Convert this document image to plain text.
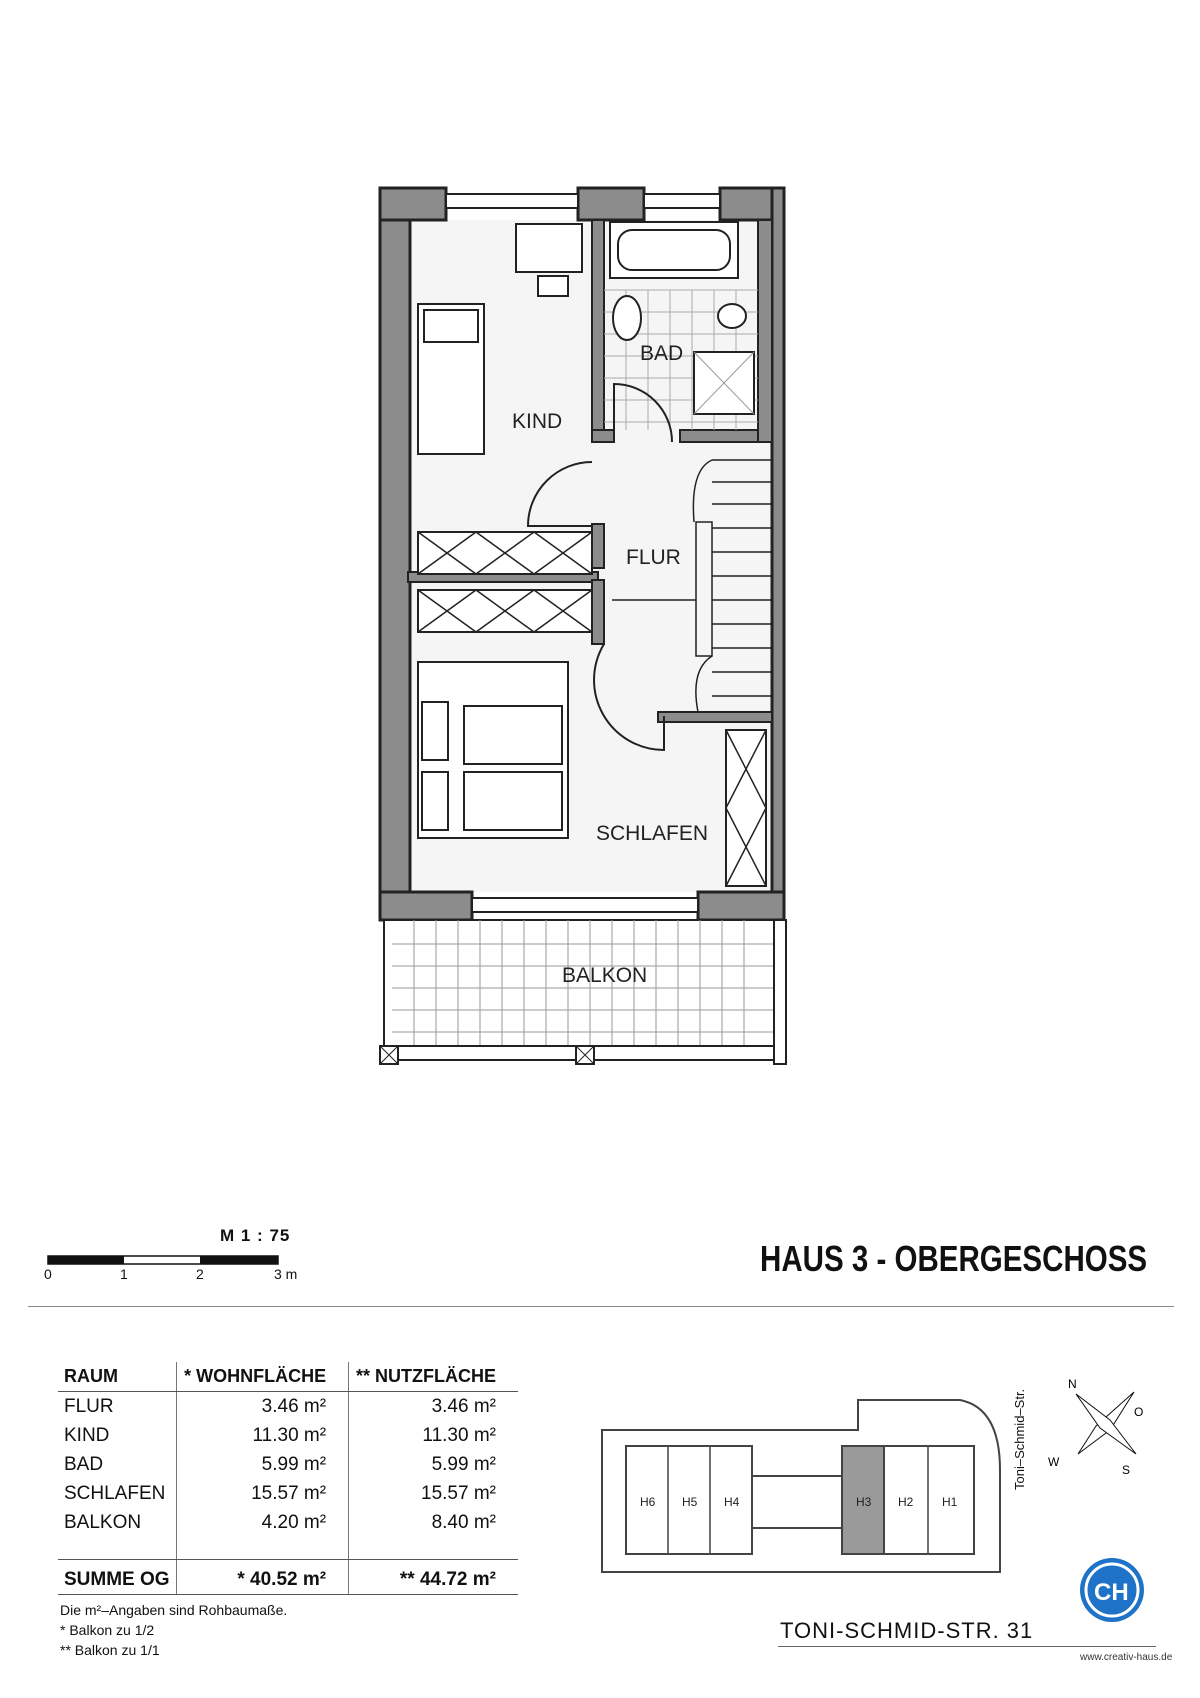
KIND
BAD
FLUR
SCHLAFEN
BALKON
H6 H5 H4	H3 H2 H1
N
O
S
W
CH
M 1 : 75
0	1	2	3 m	HAUS 3 - OBERGESCHOSS
RAUM	* WOHNFLÄCHE	** NUTZFLÄCHE
FLUR	3.46 m²	3.46 m²
KIND	11.30 m²	11.30 m²
BAD	5.99 m²	5.99 m²
SCHLAFEN	15.57 m²	15.57 m²
BALKON	4.20 m²	8.40 m²

SUMME OG	* 40.52 m²	** 44.72 m²
Die m²–Angaben sind Rohbaumaße.
* Balkon zu 1/2
** Balkon zu 1/1
Toni–Schmid–Str.
TONI-SCHMID-STR. 31
www.creativ-haus.de
